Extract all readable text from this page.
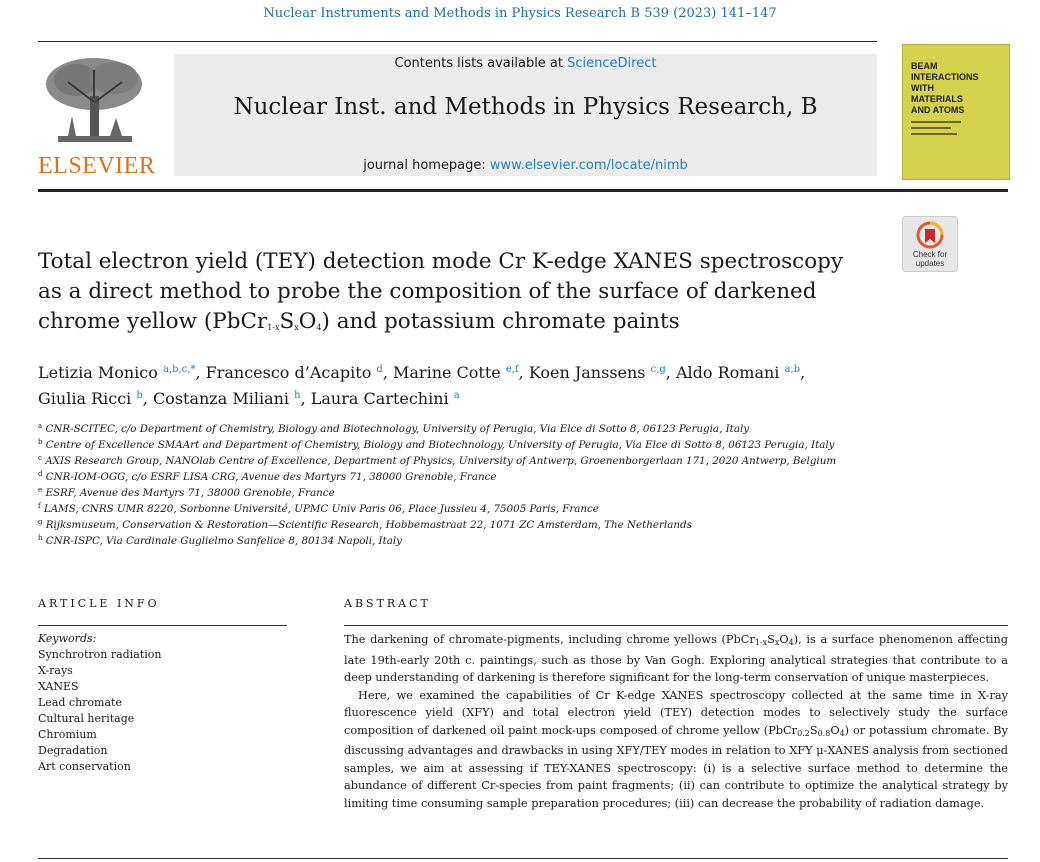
Nuclear Instruments and Methods in Physics Research B 539 (2023) 141–147
ELSEVIER
Contents lists available at ScienceDirect
Nuclear Inst. and Methods in Physics Research, B
journal homepage: www.elsevier.com/locate/nimb
BEAM
INTERACTIONS
WITH
MATERIALS
AND ATOMS
Check for
updates
Total electron yield (TEY) detection mode Cr K-edge XANES spectroscopy
as a direct method to probe the composition of the surface of darkened
chrome yellow $(PbCr_{1-x}S_xO_4)$ and potassium chromate paints
Letizia Monico $^{a,b,c,*}$, Francesco d’Acapito $^d$, Marine Cotte $^{e,f}$, Koen Janssens $^{c,g}$, Aldo Romani $^{a,b}$,
Giulia Ricci $^b$, Costanza Miliani $^h$, Laura Cartechini $^a$
$^a$ CNR-SCITEC, c/o Department of Chemistry, Biology and Biotechnology, University of Perugia, Via Elce di Sotto 8, 06123 Perugia, Italy
$^b$ Centre of Excellence SMAArt and Department of Chemistry, Biology and Biotechnology, University of Perugia, Via Elce di Sotto 8, 06123 Perugia, Italy
$^c$ AXIS Research Group, NANOlab Centre of Excellence, Department of Physics, University of Antwerp, Groenenborgerlaan 171, 2020 Antwerp, Belgium
$^d$ CNR-IOM-OGG, c/o ESRF LISA CRG, Avenue des Martyrs 71, 38000 Grenoble, France
$^e$ ESRF, Avenue des Martyrs 71, 38000 Grenoble, France
$^f$ LAMS, CNRS UMR 8220, Sorbonne Université, UPMC Univ Paris 06, Place Jussieu 4, 75005 Paris, France
$^g$ Rijksmuseum, Conservation & Restoration—Scientific Research, Hobbemastraat 22, 1071 ZC Amsterdam, The Netherlands
$^h$ CNR-ISPC, Via Cardinale Guglielmo Sanfelice 8, 80134 Napoli, Italy
ARTICLE INFO
Keywords:
Synchrotron radiation
X-rays
XANES
Lead chromate
Cultural heritage
Chromium
Degradation
Art conservation
ABSTRACT

The darkening of chromate-pigments, including chrome yellows $(PbCr_{1-x}S_xO_4)$, is a surface phenomenon affecting late 19th-early 20th c. paintings, such as those by Van Gogh. Exploring analytical strategies that contribute to a deep understanding of darkening is therefore significant for the long-term conservation of unique masterpieces.

Here, we examined the capabilities of Cr K-edge XANES spectroscopy collected at the same time in X-ray fluorescence yield (XFY) and total electron yield (TEY) detection modes to selectively study the surface composition of darkened oil paint mock-ups composed of chrome yellow $(PbCr_{0.2}S_{0.8}O_4)$ or potassium chromate. By discussing advantages and drawbacks in using XFY/TEY modes in relation to XFY μ-XANES analysis from sectioned samples, we aim at assessing if TEY-XANES spectroscopy: (i) is a selective surface method to determine the abundance of different Cr-species from paint fragments; (ii) can contribute to optimize the analytical strategy by limiting time consuming sample preparation procedures; (iii) can decrease the probability of radiation damage.
